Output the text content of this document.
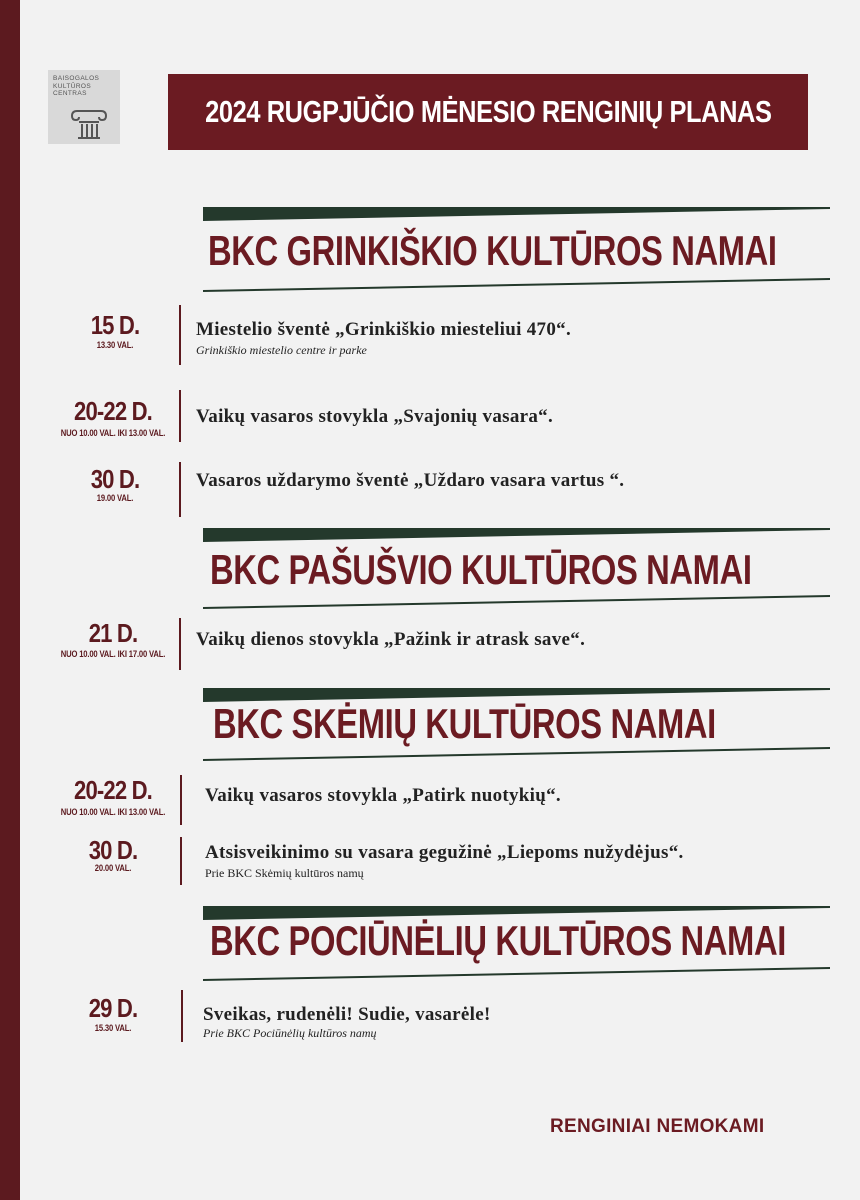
BAISOGALOS
KULTŪROS
CENTRAS
2024 RUGPJŪČIO MĖNESIO RENGINIŲ PLANAS
BKC GRINKIŠKIO KULTŪROS NAMAI
15 D.
13.30 VAL.
Miestelio šventė „Grinkiškio miesteliui 470“.
Grinkiškio miestelio centre ir parke
20-22 D.
NUO 10.00 VAL. IKI 13.00 VAL.
Vaikų vasaros stovykla „Svajonių vasara“.
30 D.
19.00 VAL.
Vasaros uždarymo šventė „Uždaro vasara vartus “.
BKC PAŠUŠVIO KULTŪROS NAMAI
21 D.
NUO 10.00 VAL. IKI 17.00 VAL.
Vaikų dienos stovykla „Pažink ir atrask save“.
BKC SKĖMIŲ KULTŪROS NAMAI
20-22 D.
NUO 10.00 VAL. IKI 13.00 VAL.
Vaikų vasaros stovykla „Patirk nuotykių“.
30 D.
20.00 VAL.
Atsisveikinimo su vasara gegužinė „Liepoms nužydėjus“.
Prie BKC Skėmių kultūros namų
BKC POCIŪNĖLIŲ KULTŪROS NAMAI
29 D.
15.30 VAL.
Sveikas, rudenėli! Sudie, vasarėle!
Prie BKC Pociūnėlių kultūros namų
RENGINIAI NEMOKAMI
